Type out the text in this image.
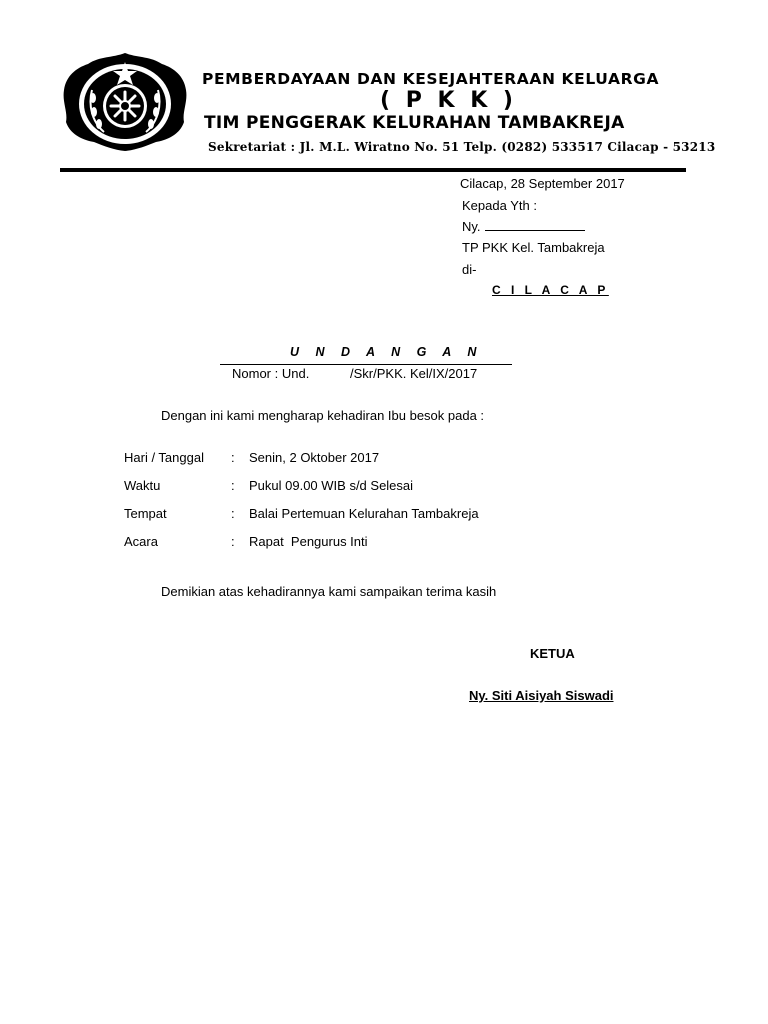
PEMBERDAYAAN DAN KESEJAHTERAAN KELUARGA
( P K K )
TIM PENGGERAK KELURAHAN TAMBAKREJA
Sekretariat : Jl. M.L. Wiratno No. 51 Telp. (0282) 533517 Cilacap - 53213
Cilacap, 28 September 2017
Kepada Yth :
Ny.
TP PKK Kel. Tambakreja
di-
C I L A C A P
U N D A N G A N
Nomor : Und.	/Skr/PKK. Kel/IX/2017
Dengan ini kami mengharap kehadiran Ibu besok pada :
Hari / Tanggal : Senin, 2 Oktober 2017
Waktu	: Pukul 09.00 WIB s/d Selesai
Tempat	: Balai Pertemuan Kelurahan Tambakreja
Acara	: Rapat  Pengurus Inti
Demikian atas kehadirannya kami sampaikan terima kasih
KETUA
Ny. Siti Aisiyah Siswadi
